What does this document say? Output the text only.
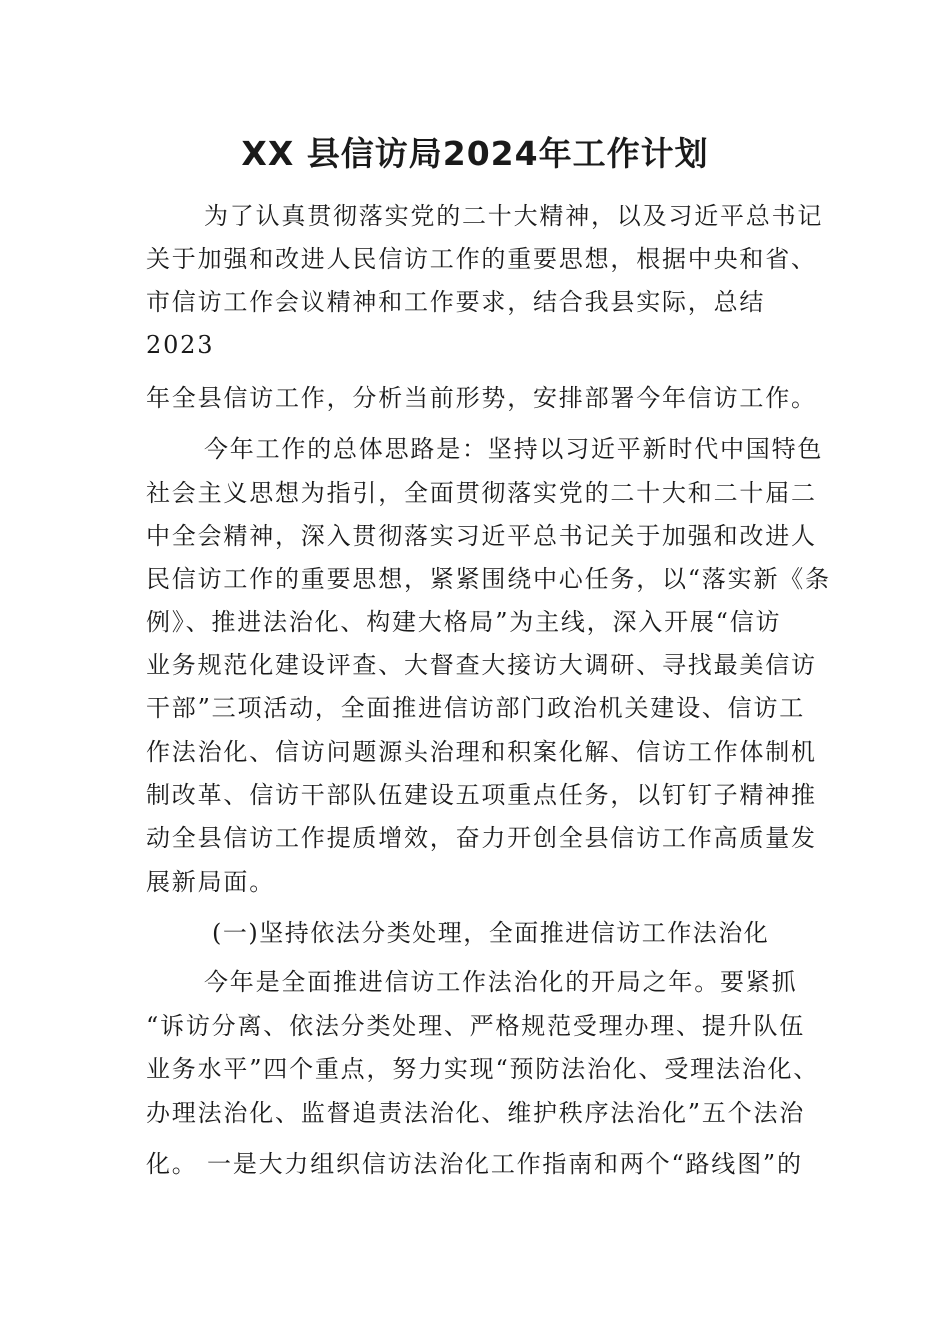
XX 县信访局2024年工作计划
为了认真贯彻落实党的二十大精神，以及习近平总书记
关于加强和改进人民信访工作的重要思想，根据中央和省、
市信访工作会议精神和工作要求，结合我县实际，总结
2023
年全县信访工作，分析当前形势，安排部署今年信访工作。
今年工作的总体思路是：坚持以习近平新时代中国特色
社会主义思想为指引，全面贯彻落实党的二十大和二十届二
中全会精神，深入贯彻落实习近平总书记关于加强和改进人
民信访工作的重要思想，紧紧围绕中心任务，以“落实新《条
例》、推进法治化、构建大格局”为主线，深入开展“信访
业务规范化建设评查、大督查大接访大调研、寻找最美信访
干部”三项活动，全面推进信访部门政治机关建设、信访工
作法治化、信访问题源头治理和积案化解、信访工作体制机
制改革、信访干部队伍建设五项重点任务，以钉钉子精神推
动全县信访工作提质增效，奋力开创全县信访工作高质量发
展新局面。
(一)坚持依法分类处理，全面推进信访工作法治化
今年是全面推进信访工作法治化的开局之年。要紧抓
“诉访分离、依法分类处理、严格规范受理办理、提升队伍
业务水平”四个重点，努力实现“预防法治化、受理法治化、
办理法治化、监督追责法治化、维护秩序法治化”五个法治
化。 一是大力组织信访法治化工作指南和两个“路线图”的
